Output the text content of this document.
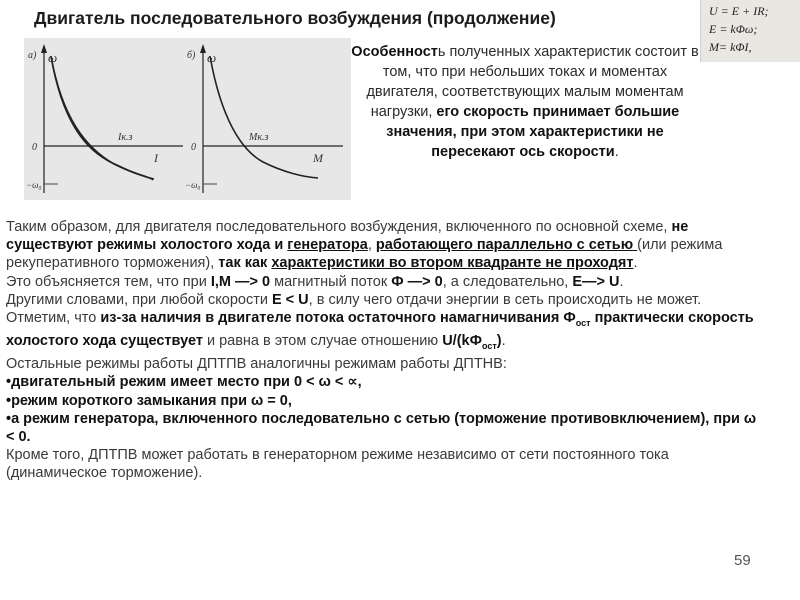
Двигатель последовательного возбуждения (продолжение)	U = E + IR;
E = kΦω;
M= kΦI,
а) ω
I
0
−ω₀
Iк.з
б) ω
M
0
−ω₀
Mк.з
Особенность полученных характеристик состоит в том, что при небольших токах и моментах двигателя, соответствующих малым моментам нагрузки, его скорость принимает большие значения, при этом характеристики не пересекают ось скорости.

Таким образом, для двигателя последовательного возбуждения, включенного по основной схеме, не существуют режимы холостого хода и генератора, работающего параллельно с сетью (или режима рекуперативного торможения), так как характеристики во втором квадранте не проходят.

Это объясняется тем, что при I,M —> 0 магнитный поток Ф —> 0, а следовательно, E—> U.

Другими словами, при любой скорости E < U, в силу чего отдачи энергии в сеть происходить не может.

Отметим, что из-за наличия в двигателе потока остаточного намагничивания $Ф_{ост}$ практически скорость холостого хода существует и равна в этом случае отношению $U/(kФ_{ост})$.

Остальные режимы работы ДПТПВ аналогичны режимам работы ДПТНВ:

•двигательный режим имеет место при 0 < ω < ∝,

•режим короткого замыкания при ω = 0,

•а режим генератора, включенного последовательно с сетью (торможение противовключением), при ω < 0.

Кроме того, ДПТПВ может работать в генераторном режиме независимо от сети постоянного тока (динамическое торможение).

59
